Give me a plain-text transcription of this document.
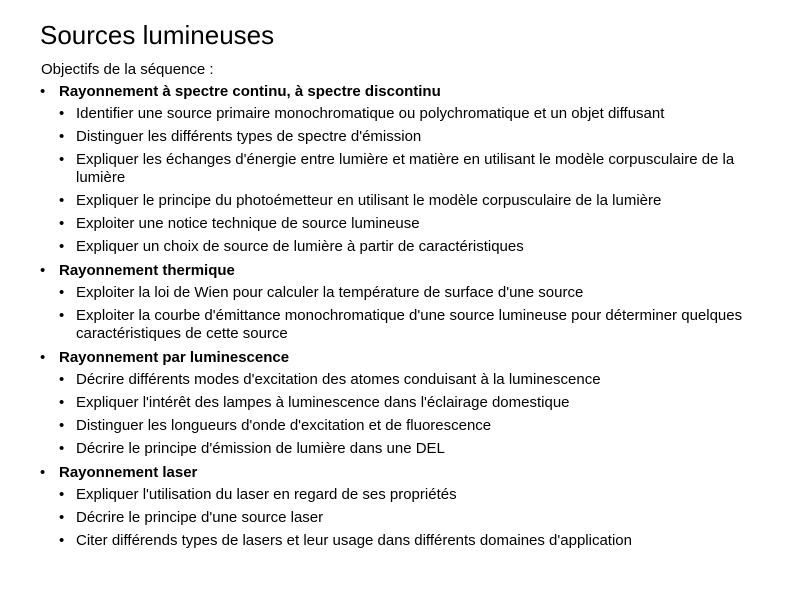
Sources lumineuses

Objectifs de la séquence :

• Rayonnement à spectre continu, à spectre discontinu
• Identifier une source primaire monochromatique ou polychromatique et un objet diffusant
• Distinguer les différents types de spectre d'émission
• Expliquer les échanges d'énergie entre lumière et matière en utilisant le modèle corpusculaire de la lumière
• Expliquer le principe du photoémetteur en utilisant le modèle corpusculaire de la lumière
• Exploiter une notice technique de source lumineuse
• Expliquer un choix de source de lumière à partir de caractéristiques
• Rayonnement thermique
• Exploiter la loi de Wien pour calculer la température de surface d'une source
• Exploiter la courbe d'émittance monochromatique d'une source lumineuse pour déterminer quelques caractéristiques de cette source
• Rayonnement par luminescence
• Décrire différents modes d'excitation des atomes conduisant à la luminescence
• Expliquer l'intérêt des lampes à luminescence dans l'éclairage domestique
• Distinguer les longueurs d'onde d'excitation et de fluorescence
• Décrire le principe d'émission de lumière dans une DEL
• Rayonnement laser
• Expliquer l'utilisation du laser en regard de ses propriétés
• Décrire le principe d'une source laser
• Citer différends types de lasers et leur usage dans différents domaines d'application
